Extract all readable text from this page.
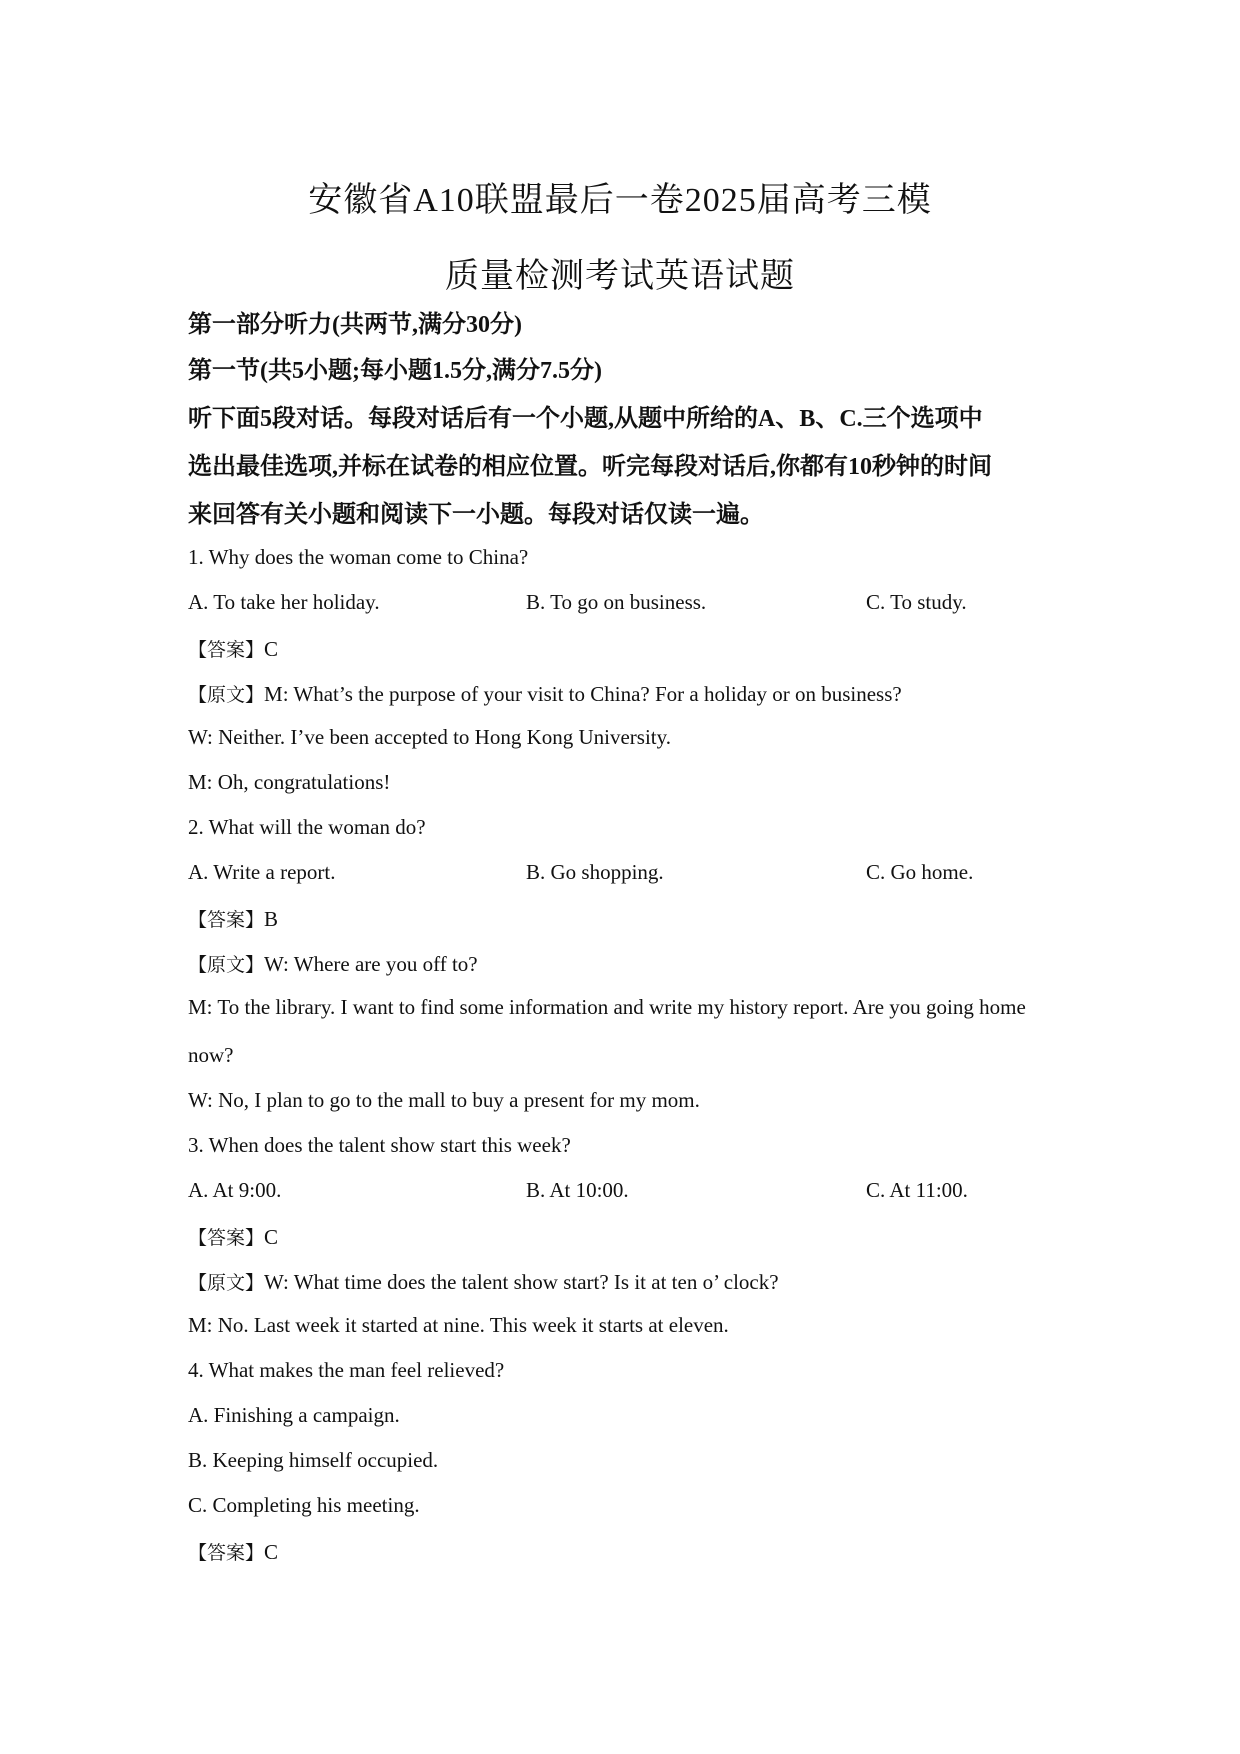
安徽省A10联盟最后一卷2025届高考三模
质量检测考试英语试题
第一部分听力(共两节,满分30分)
第一节(共5小题;每小题1.5分,满分7.5分)
听下面5段对话。每段对话后有一个小题,从题中所给的A、B、C.三个选项中
选出最佳选项,并标在试卷的相应位置。听完每段对话后,你都有10秒钟的时间
来回答有关小题和阅读下一小题。每段对话仅读一遍。
1. Why does the woman come to China?
A. To take her holiday.	B. To go on business.	C. To study.
【答案】C
【原文】M: What’s the purpose of your visit to China? For a holiday or on business?
W: Neither. I’ve been accepted to Hong Kong University.
M: Oh, congratulations!
2. What will the woman do?
A. Write a report.	B. Go shopping.	C. Go home.
【答案】B
【原文】W: Where are you off to?
M: To the library. I want to find some information and write my history report. Are you going home
now?
W: No, I plan to go to the mall to buy a present for my mom.
3. When does the talent show start this week?
A. At 9:00.	B. At 10:00.	C. At 11:00.
【答案】C
【原文】W: What time does the talent show start? Is it at ten o’ clock?
M: No. Last week it started at nine. This week it starts at eleven.
4. What makes the man feel relieved?
A. Finishing a campaign.
B. Keeping himself occupied.
C. Completing his meeting.
【答案】C
